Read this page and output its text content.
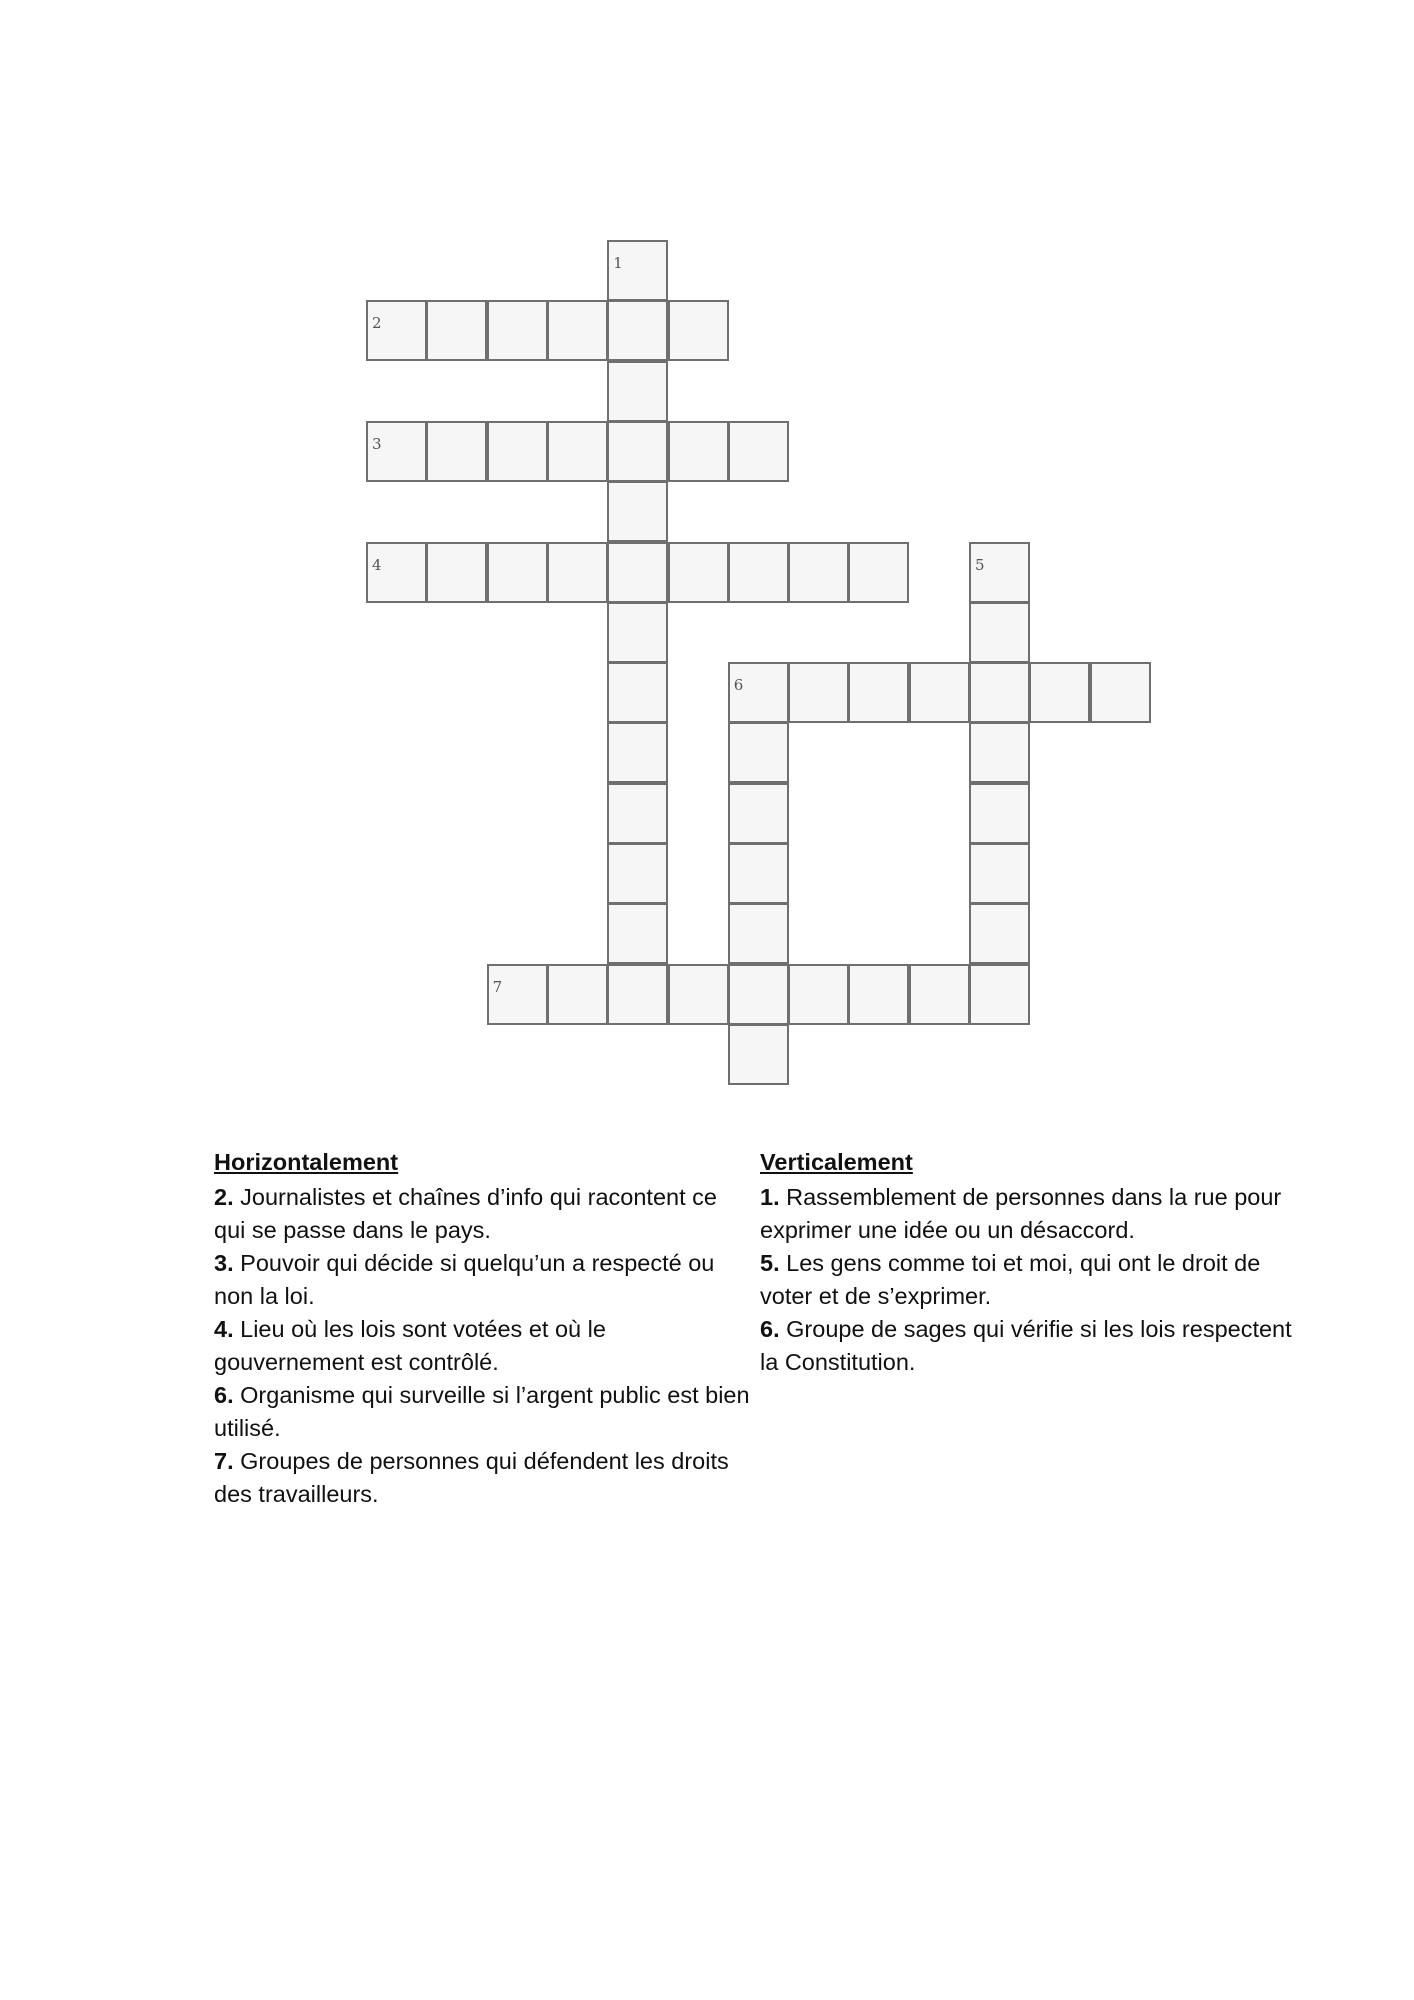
1
2
3
4	5
6
7
Horizontalement
2. Journalistes et chaînes d’info qui racontent ce qui se passe dans le pays.
3. Pouvoir qui décide si quelqu’un a respecté ou non la loi.
4. Lieu où les lois sont votées et où le gouvernement est contrôlé.
6. Organisme qui surveille si l’argent public est bien utilisé.
7. Groupes de personnes qui défendent les droits des travailleurs.
Verticalement
1. Rassemblement de personnes dans la rue pour exprimer une idée ou un désaccord.
5. Les gens comme toi et moi, qui ont le droit de voter et de s’exprimer.
6. Groupe de sages qui vérifie si les lois respectent la Constitution.
